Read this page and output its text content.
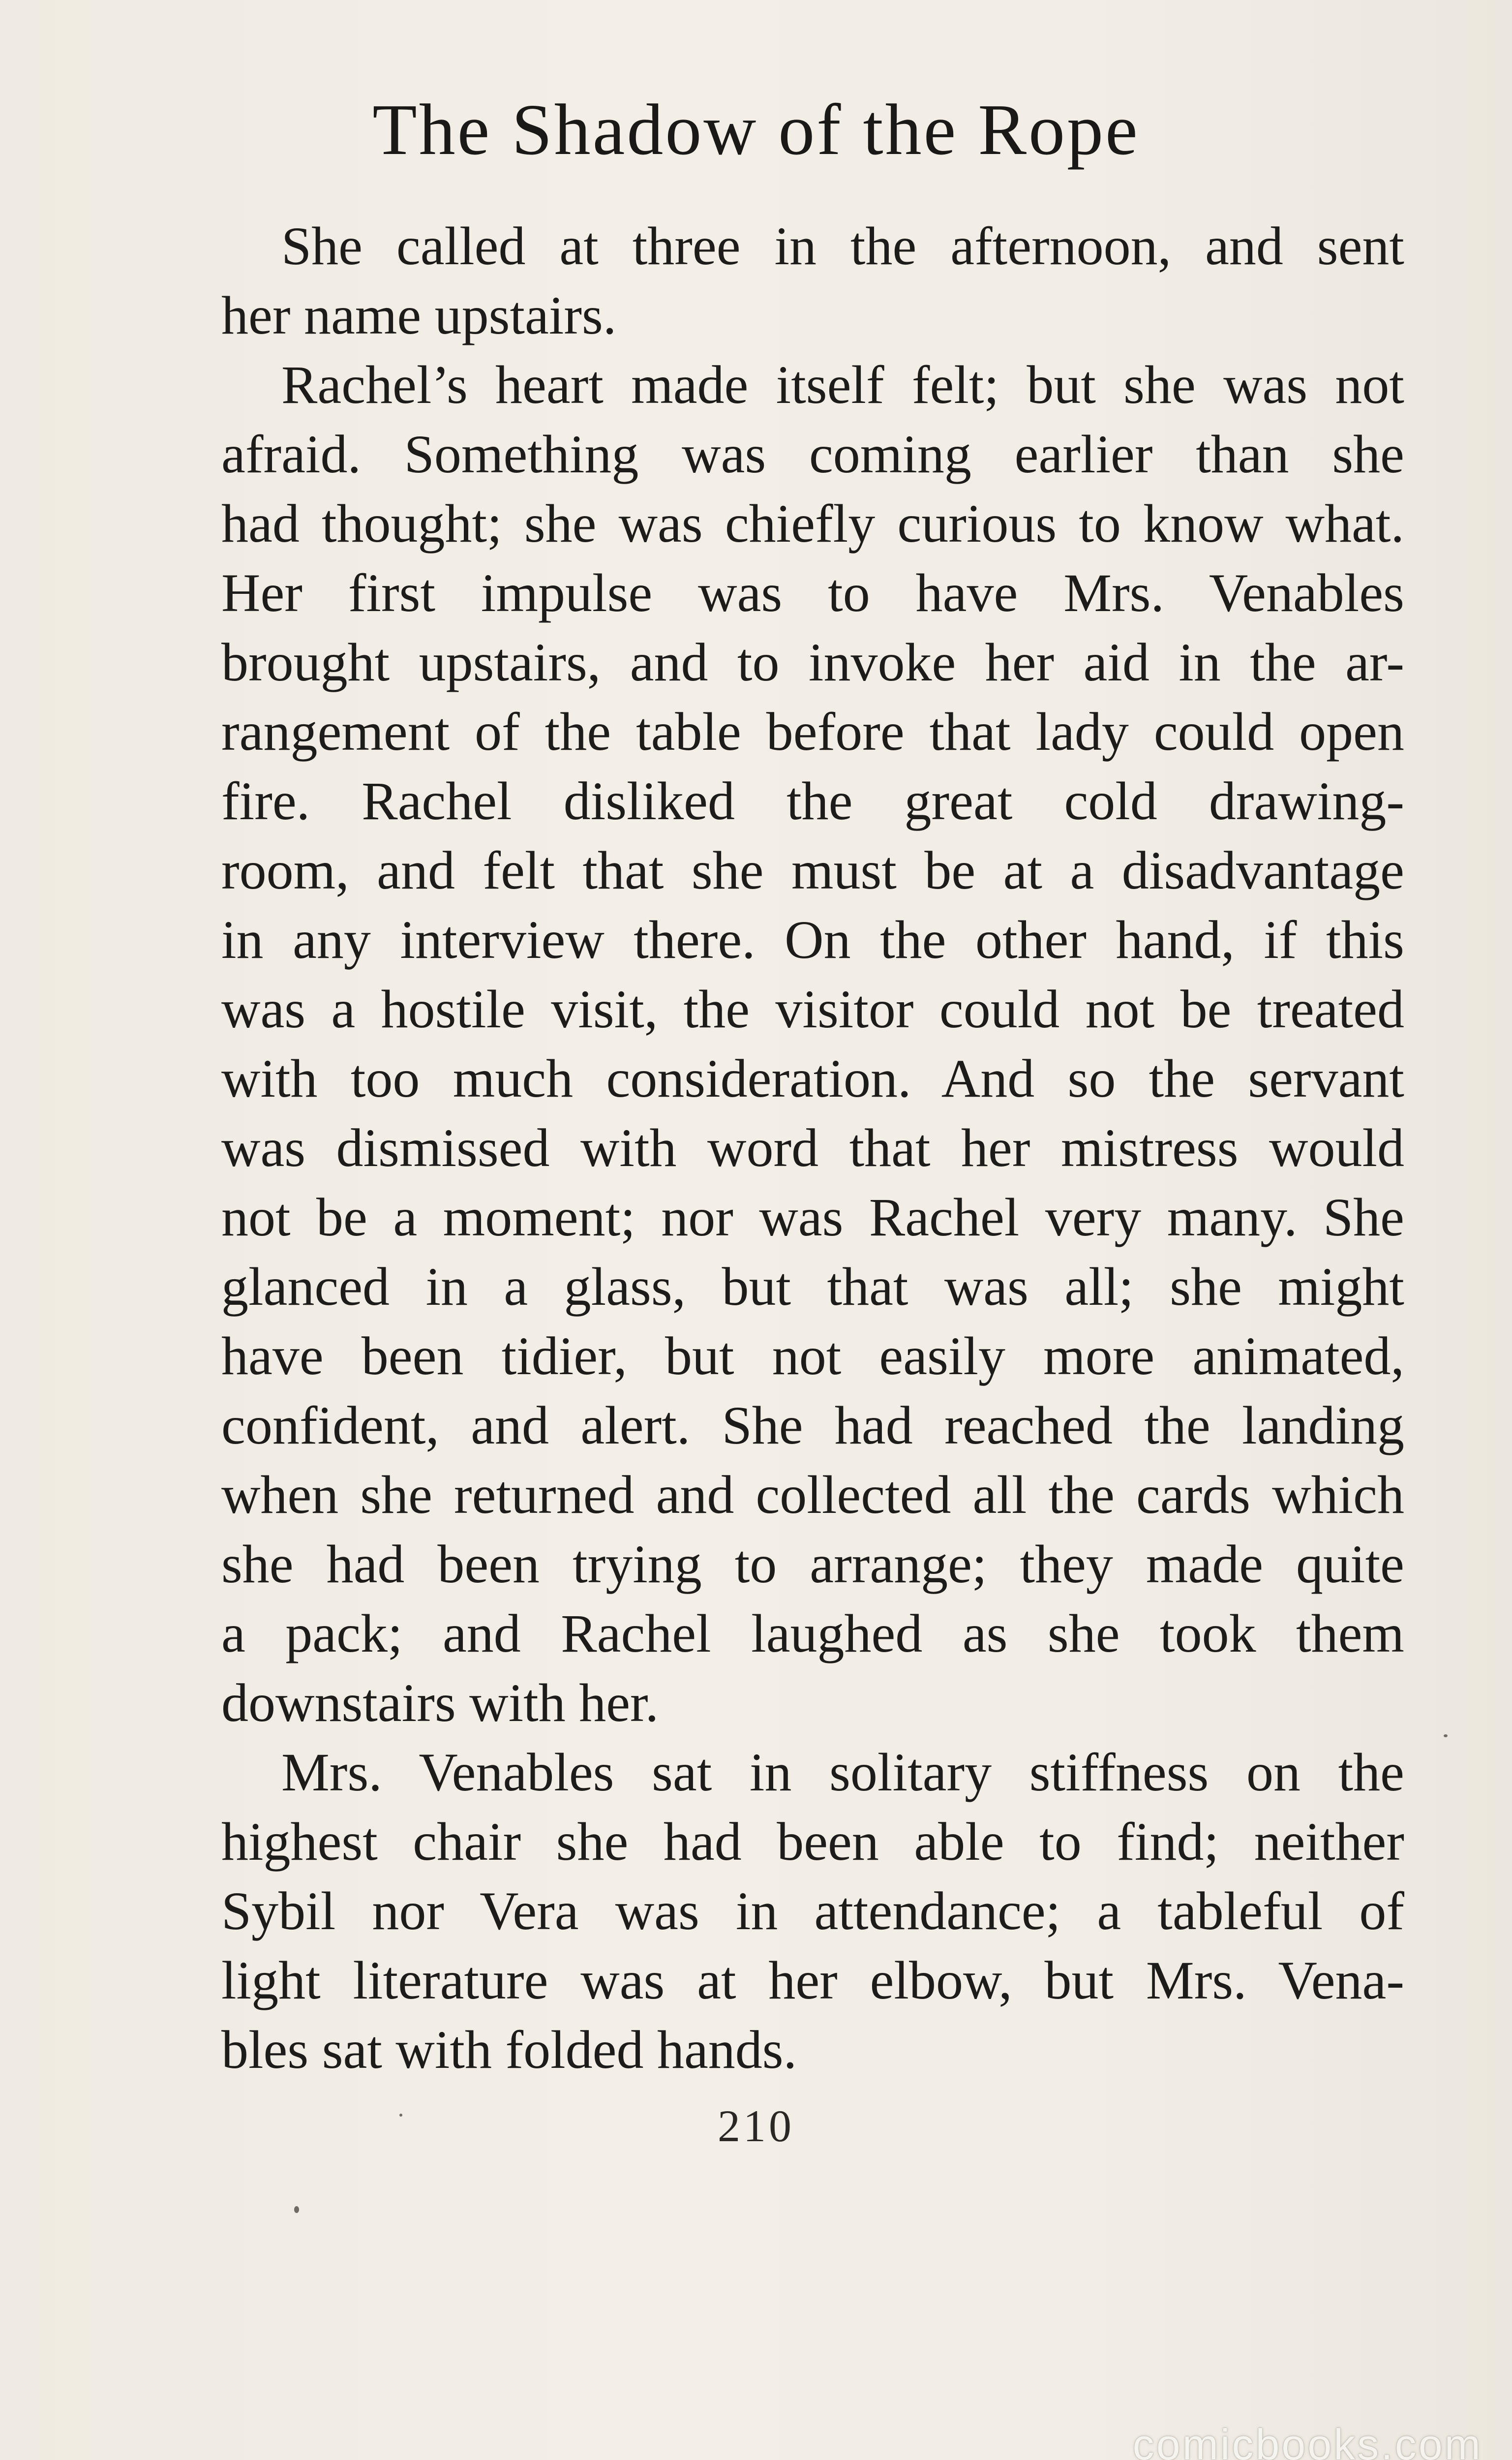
The Shadow of the Rope
She called at three in the afternoon, and sent
her name upstairs.
Rachel’s heart made itself felt; but she was not
afraid. Something was coming earlier than she
had thought; she was chiefly curious to know what.
Her first impulse was to have Mrs. Venables
brought upstairs, and to invoke her aid in the ar-
rangement of the table before that lady could open
fire. Rachel disliked the great cold drawing-
room, and felt that she must be at a disadvantage
in any interview there. On the other hand, if this
was a hostile visit, the visitor could not be treated
with too much consideration. And so the servant
was dismissed with word that her mistress would
not be a moment; nor was Rachel very many. She
glanced in a glass, but that was all; she might
have been tidier, but not easily more animated,
confident, and alert. She had reached the landing
when she returned and collected all the cards which
she had been trying to arrange; they made quite
a pack; and Rachel laughed as she took them
downstairs with her.
Mrs. Venables sat in solitary stiffness on the
highest chair she had been able to find; neither
Sybil nor Vera was in attendance; a tableful of
light literature was at her elbow, but Mrs. Vena-
bles sat with folded hands.
210
comicbooks.com
